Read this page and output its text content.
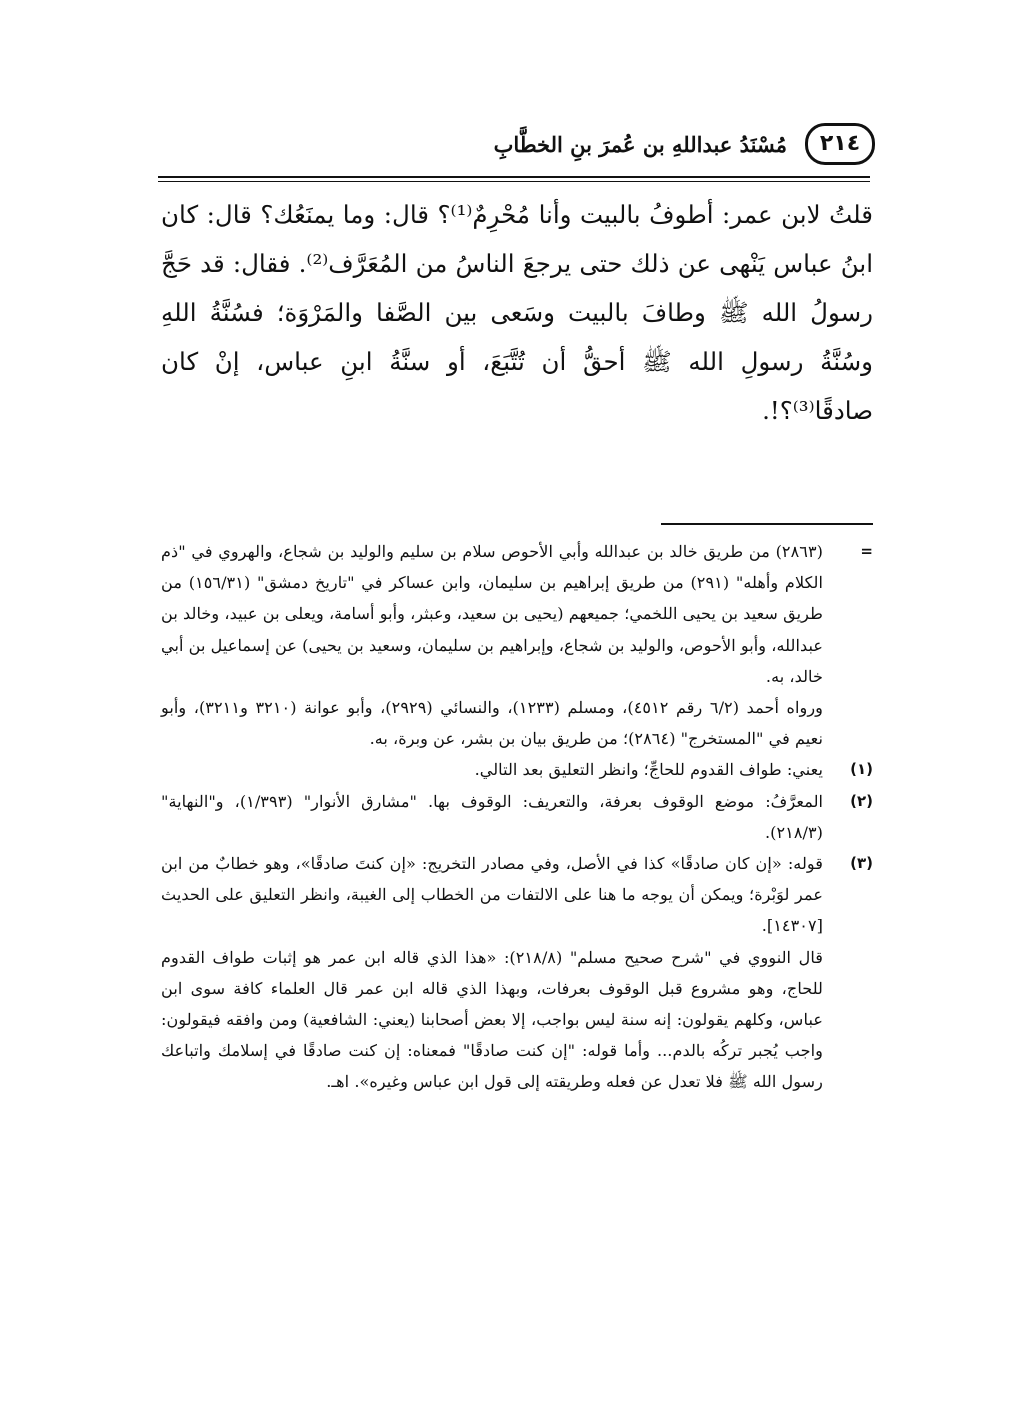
٢١٤
مُسْنَدُ عبداللهِ بن عُمرَ بنِ الخطَّابِ

قلتُ لابن عمر: أطوفُ بالبيت وأنا مُحْرِمٌ⁽¹⁾؟ قال: وما يمنَعُك؟ قال: كان ابنُ عباس يَنْهى عن ذلك حتى يرجعَ الناسُ من المُعَرَّف⁽²⁾. فقال: قد حَجَّ رسولُ الله ﷺ وطافَ بالبيت وسَعى بين الصَّفا والمَرْوَة؛ فسُنَّةُ اللهِ وسُنَّةُ رسولِ الله ﷺ أحقُّ أن تُتَّبَعَ، أو سنَّةُ ابنِ عباس، إنْ كان صادقًا⁽³⁾؟!.

=

(٢٨٦٣) من طريق خالد بن عبدالله وأبي الأحوص سلام بن سليم والوليد بن شجاع، والهروي في "ذم الكلام وأهله" (٢٩١) من طريق إبراهيم بن سليمان، وابن عساكر في "تاريخ دمشق" (١٥٦/٣١) من طريق سعيد بن يحيى اللخمي؛ جميعهم (يحيى بن سعيد، وعبثر، وأبو أسامة، ويعلى بن عبيد، وخالد بن عبدالله، وأبو الأحوص، والوليد بن شجاع، وإبراهيم بن سليمان، وسعيد بن يحيى) عن إسماعيل بن أبي خالد، به.

ورواه أحمد (٦/٢ رقم ٤٥١٢)، ومسلم (١٢٣٣)، والنسائي (٢٩٢٩)، وأبو عوانة (٣٢١٠ و٣٢١١)، وأبو نعيم في "المستخرج" (٢٨٦٤)؛ من طريق بيان بن بشر، عن وبرة، به.

(١)

يعني: طواف القدوم للحاجِّ؛ وانظر التعليق بعد التالي.

(٢)

المعرَّفُ: موضع الوقوف بعرفة، والتعريف: الوقوف بها. "مشارق الأنوار" (١/٣٩٣)، و"النهاية" (٢١٨/٣).

(٣)

قوله: «إن كان صادقًا» كذا في الأصل، وفي مصادر التخريج: «إن كنتَ صادقًا»، وهو خطابٌ من ابن عمر لوَبْرة؛ ويمكن أن يوجه ما هنا على الالتفات من الخطاب إلى الغيبة، وانظر التعليق على الحديث [١٤٣٠٧].

قال النووي في "شرح صحيح مسلم" (٢١٨/٨): «هذا الذي قاله ابن عمر هو إثبات طواف القدوم للحاج، وهو مشروع قبل الوقوف بعرفات، وبهذا الذي قاله ابن عمر قال العلماء كافة سوى ابن عباس، وكلهم يقولون: إنه سنة ليس بواجب، إلا بعض أصحابنا (يعني: الشافعية) ومن وافقه فيقولون: واجب يُجبر تركُه بالدم... وأما قوله: "إن كنت صادقًا" فمعناه: إن كنت صادقًا في إسلامك واتباعك رسول الله ﷺ فلا تعدل عن فعله وطريقته إلى قول ابن عباس وغيره». اهـ.
